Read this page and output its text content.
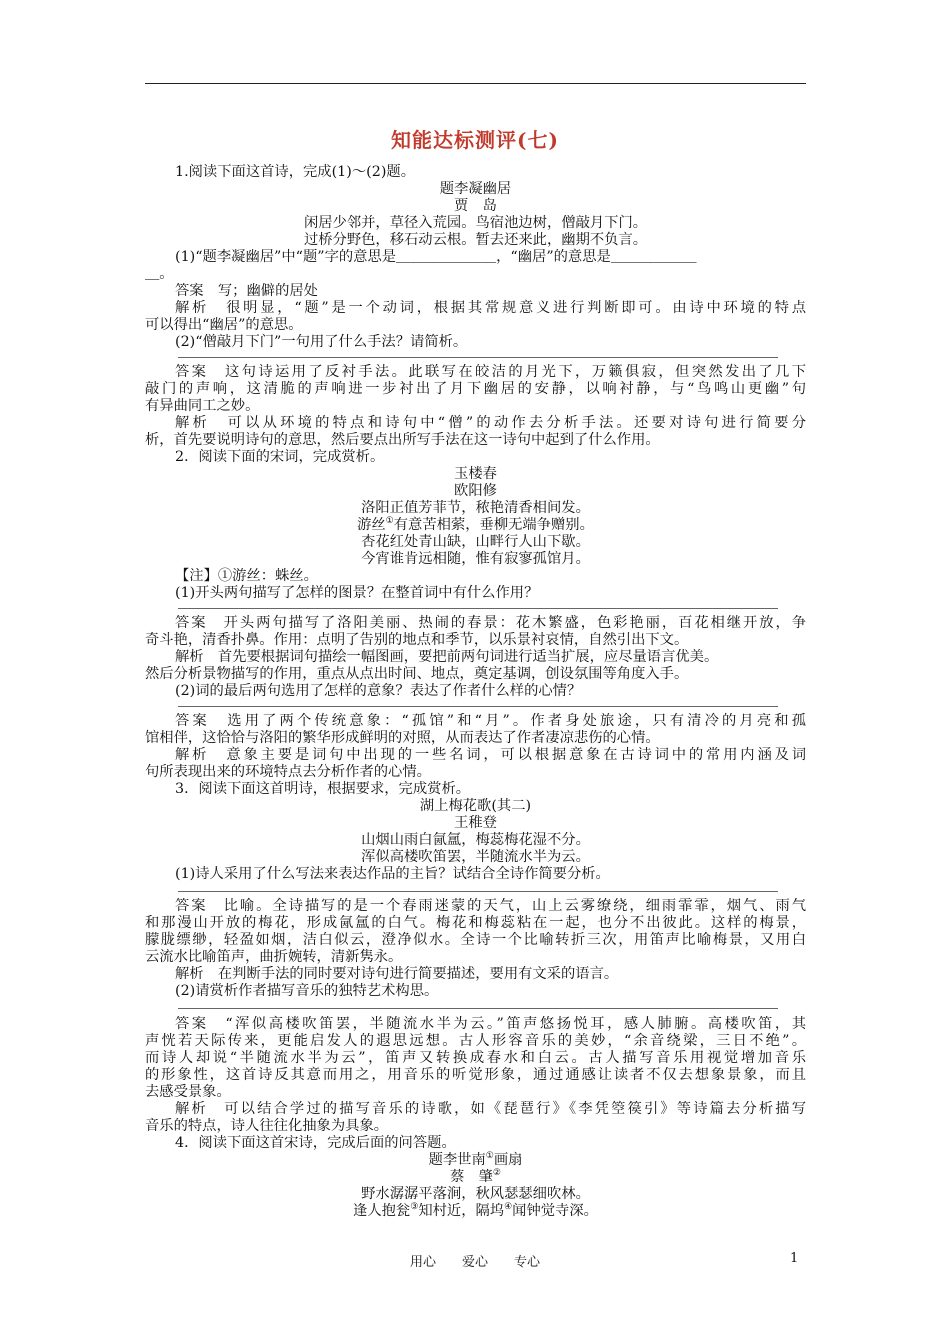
知能达标测评(七)
1.阅读下面这首诗，完成(1)～(2)题。
题李凝幽居
贾　岛
闲居少邻并，草径入荒园。鸟宿池边树，僧敲月下门。
过桥分野色，移石动云根。暂去还来此，幽期不负言。
(1)“题李凝幽居”中“题”字的意思是＿＿＿＿＿＿＿，“幽居”的意思是＿＿＿＿＿＿
＿。
答案　写；幽僻的居处
解析　很明显，“题”是一个动词，根据其常规意义进行判断即可。由诗中环境的特点
可以得出“幽居”的意思。
(2)“僧敲月下门”一句用了什么手法？请简析。
答案　这句诗运用了反衬手法。此联写在皎洁的月光下，万籁俱寂，但突然发出了几下
敲门的声响，这清脆的声响进一步衬出了月下幽居的安静，以响衬静，与“鸟鸣山更幽”句
有异曲同工之妙。
解析　可以从环境的特点和诗句中“僧”的动作去分析手法。还要对诗句进行简要分
析，首先要说明诗句的意思，然后要点出所写手法在这一诗句中起到了什么作用。
2．阅读下面的宋词，完成赏析。
玉楼春
欧阳修
洛阳正值芳菲节，秾艳清香相间发。
游丝①有意苦相萦，垂柳无端争赠别。
杏花红处青山缺，山畔行人山下歇。
今宵谁肯远相随，惟有寂寥孤馆月。
【注】①游丝：蛛丝。
(1)开头两句描写了怎样的图景？在整首词中有什么作用？
答案　开头两句描写了洛阳美丽、热闹的春景：花木繁盛，色彩艳丽，百花相继开放，争
奇斗艳，清香扑鼻。作用：点明了告别的地点和季节，以乐景衬哀情，自然引出下文。
解析　首先要根据词句描绘一幅图画，要把前两句词进行适当扩展，应尽量语言优美。
然后分析景物描写的作用，重点从点出时间、地点，奠定基调，创设氛围等角度入手。
(2)词的最后两句选用了怎样的意象？表达了作者什么样的心情？
答案　选用了两个传统意象：“孤馆”和“月”。作者身处旅途，只有清冷的月亮和孤
馆相伴，这恰恰与洛阳的繁华形成鲜明的对照，从而表达了作者凄凉悲伤的心情。
解析　意象主要是词句中出现的一些名词，可以根据意象在古诗词中的常用内涵及词
句所表现出来的环境特点去分析作者的心情。
3．阅读下面这首明诗，根据要求，完成赏析。
湖上梅花歌(其二)
王稚登
山烟山雨白氤氲，梅蕊梅花湿不分。
浑似高楼吹笛罢，半随流水半为云。
(1)诗人采用了什么写法来表达作品的主旨？试结合全诗作简要分析。
答案　比喻。全诗描写的是一个春雨迷蒙的天气，山上云雾缭绕，细雨霏霏，烟气、雨气
和那漫山开放的梅花，形成氤氲的白气。梅花和梅蕊粘在一起，也分不出彼此。这样的梅景，
朦胧缥缈，轻盈如烟，洁白似云，澄净似水。全诗一个比喻转折三次，用笛声比喻梅景，又用白
云流水比喻笛声，曲折婉转，清新隽永。
解析　在判断手法的同时要对诗句进行简要描述，要用有文采的语言。
(2)请赏析作者描写音乐的独特艺术构思。
答案　“浑似高楼吹笛罢，半随流水半为云。”笛声悠扬悦耳，感人肺腑。高楼吹笛，其
声恍若天际传来，更能启发人的遐思远想。古人形容音乐的美妙，“余音绕梁，三日不绝”。
而诗人却说“半随流水半为云”，笛声又转换成春水和白云。古人描写音乐用视觉增加音乐
的形象性，这首诗反其意而用之，用音乐的听觉形象，通过通感让读者不仅去想象景象，而且
去感受景象。
解析　可以结合学过的描写音乐的诗歌，如《琵琶行》《李凭箜篌引》等诗篇去分析描写
音乐的特点，诗人往往化抽象为具象。
4．阅读下面这首宋诗，完成后面的问答题。
题李世南①画扇
蔡　肇②
野水潺潺平落涧，秋风瑟瑟细吹林。
逢人抱瓮③知村近，隔坞④闻钟觉寺深。
用心　　爱心　　专心	1
